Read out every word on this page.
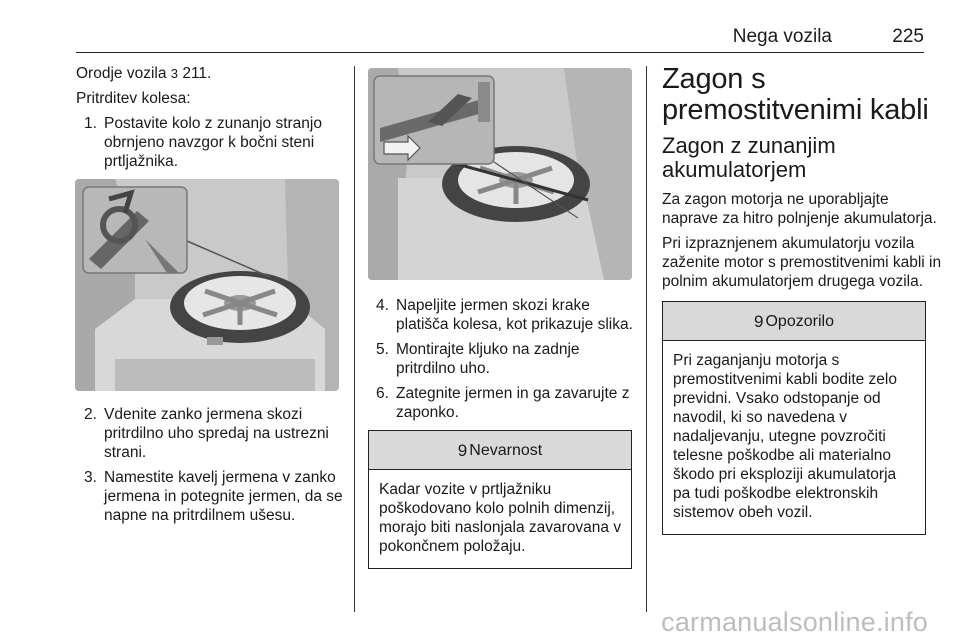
Nega vozila	225

Orodje vozila 3 211.

Pritrditev kolesa:

1. Postavite kolo z zunanjo stranjo obrnjeno navzgor k bočni steni prtljažnika.
2. Vdenite zanko jermena skozi pritrdilno uho spredaj na ustrezni strani.
3. Namestite kavelj jermena v zanko jermena in potegnite jermen, da se napne na pritrdilnem ušesu.
4. Napeljite jermen skozi krake platišča kolesa, kot prikazuje slika.
5. Montirajte kljuko na zadnje pritrdilno uho.
6. Zategnite jermen in ga zavarujte z zaponko.
9 Nevarnost
Kadar vozite v prtljažniku poškodovano kolo polnih dimenzij, morajo biti naslonjala zavarovana v pokončnem položaju.
Zagon s premostitvenimi kabli
Zagon z zunanjim akumulatorjem

Za zagon motorja ne uporabljajte naprave za hitro polnjenje akumulatorja.

Pri izpraznjenem akumulatorju vozila zaženite motor s premostitvenimi kabli in polnim akumulatorjem drugega vozila.

9 Opozorilo
Pri zaganjanju motorja s premostitvenimi kabli bodite zelo previdni. Vsako odstopanje od navodil, ki so navedena v nadaljevanju, utegne povzročiti telesne poškodbe ali materialno škodo pri eksploziji akumulatorja pa tudi poškodbe elektronskih sistemov obeh vozil.
carmanualsonline.info
